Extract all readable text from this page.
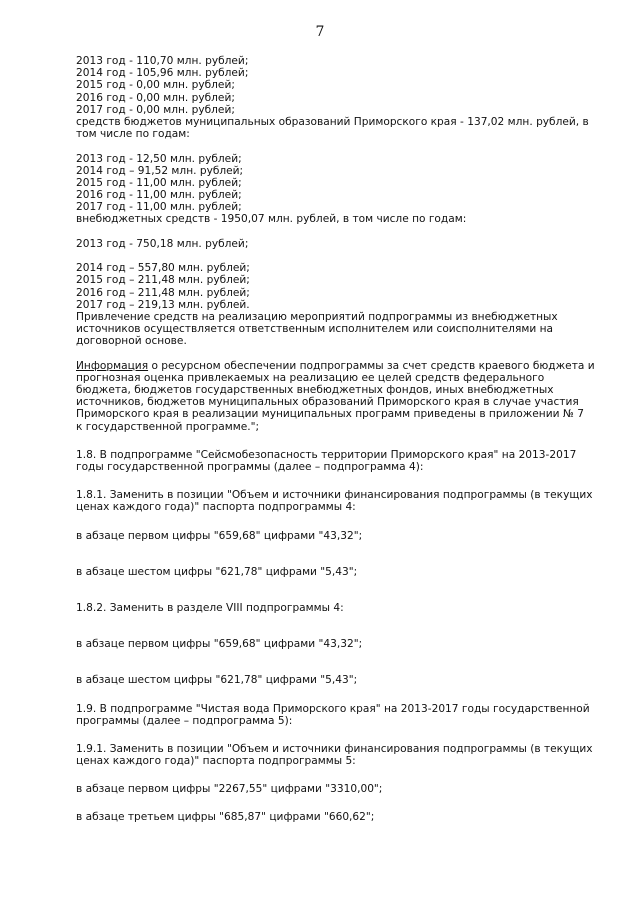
7
2013 год - 110,70 млн. рублей;
2014 год - 105,96 млн. рублей;
2015 год - 0,00 млн. рублей;
2016 год - 0,00 млн. рублей;
2017 год - 0,00 млн. рублей;
средств бюджетов муниципальных образований Приморского края - 137,02 млн. рублей, в
том числе по годам:
2013 год - 12,50 млн. рублей;
2014 год – 91,52 млн. рублей;
2015 год - 11,00 млн. рублей;
2016 год - 11,00 млн. рублей;
2017 год - 11,00 млн. рублей;
внебюджетных средств - 1950,07 млн. рублей, в том числе по годам:
2013 год - 750,18 млн. рублей;
2014 год – 557,80 млн. рублей;
2015 год – 211,48 млн. рублей;
2016 год – 211,48 млн. рублей;
2017 год – 219,13 млн. рублей.
Привлечение средств на реализацию мероприятий подпрограммы из внебюджетных
источников осуществляется ответственным исполнителем или соисполнителями на
договорной основе.
Информация о ресурсном обеспечении подпрограммы за счет средств краевого бюджета и
прогнозная оценка привлекаемых на реализацию ее целей средств федерального
бюджета, бюджетов государственных внебюджетных фондов, иных внебюджетных
источников, бюджетов муниципальных образований Приморского края в случае участия
Приморского края в реализации муниципальных программ приведены в приложении № 7
к государственной программе.";
1.8. В подпрограмме "Сейсмобезопасность территории Приморского края" на 2013-2017
годы государственной программы (далее – подпрограмма 4):
1.8.1. Заменить в позиции "Объем и источники финансирования подпрограммы (в текущих
ценах каждого года)" паспорта подпрограммы 4:
в абзаце первом цифры "659,68" цифрами "43,32";
в абзаце шестом цифры "621,78" цифрами "5,43";
1.8.2. Заменить в разделе VIII подпрограммы 4:
в абзаце первом цифры "659,68" цифрами "43,32";
в абзаце шестом цифры "621,78" цифрами "5,43";
1.9. В подпрограмме "Чистая вода Приморского края" на 2013-2017 годы государственной
программы (далее – подпрограмма 5):
1.9.1. Заменить в позиции "Объем и источники финансирования подпрограммы (в текущих
ценах каждого года)" паспорта подпрограммы 5:
в абзаце первом цифры "2267,55" цифрами "3310,00";
в абзаце третьем цифры "685,87" цифрами "660,62";
